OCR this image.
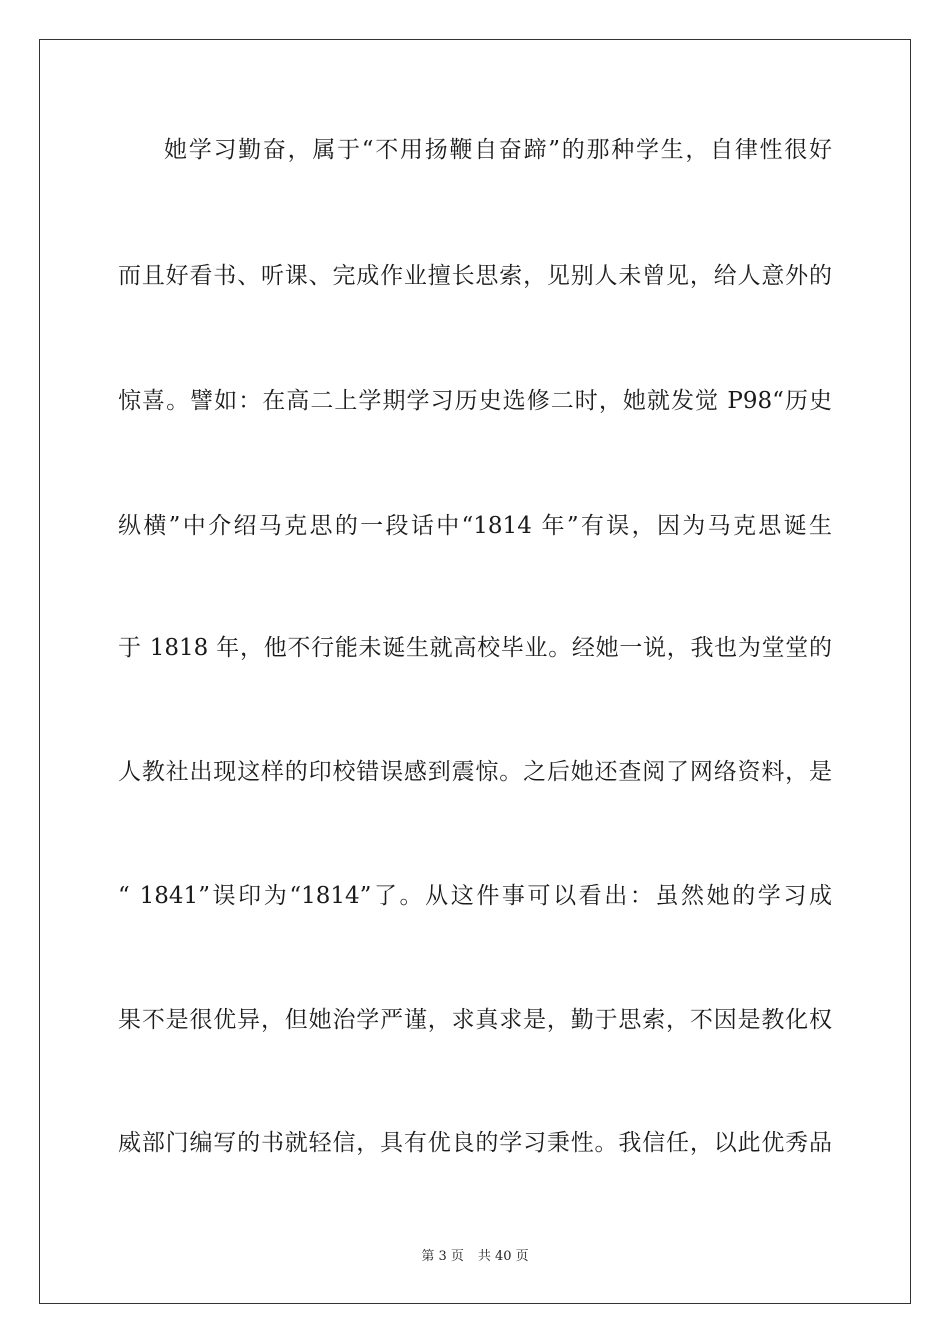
她学习勤奋，属于“不用扬鞭自奋蹄”的那种学生，自律性很好
而且好看书、听课、完成作业擅长思索，见别人未曾见，给人意外的
惊喜。譬如：在高二上学期学习历史选修二时，她就发觉 P98“历史
纵横”中介绍马克思的一段话中“1814 年”有误，因为马克思诞生
于 1818 年，他不行能未诞生就高校毕业。经她一说，我也为堂堂的
人教社出现这样的印校错误感到震惊。之后她还查阅了网络资料，是
“ 1841”误印为“1814”了。从这件事可以看出：虽然她的学习成
果不是很优异，但她治学严谨，求真求是，勤于思索，不因是教化权
威部门编写的书就轻信，具有优良的学习秉性。我信任，以此优秀品
第 3 页 共 40 页
